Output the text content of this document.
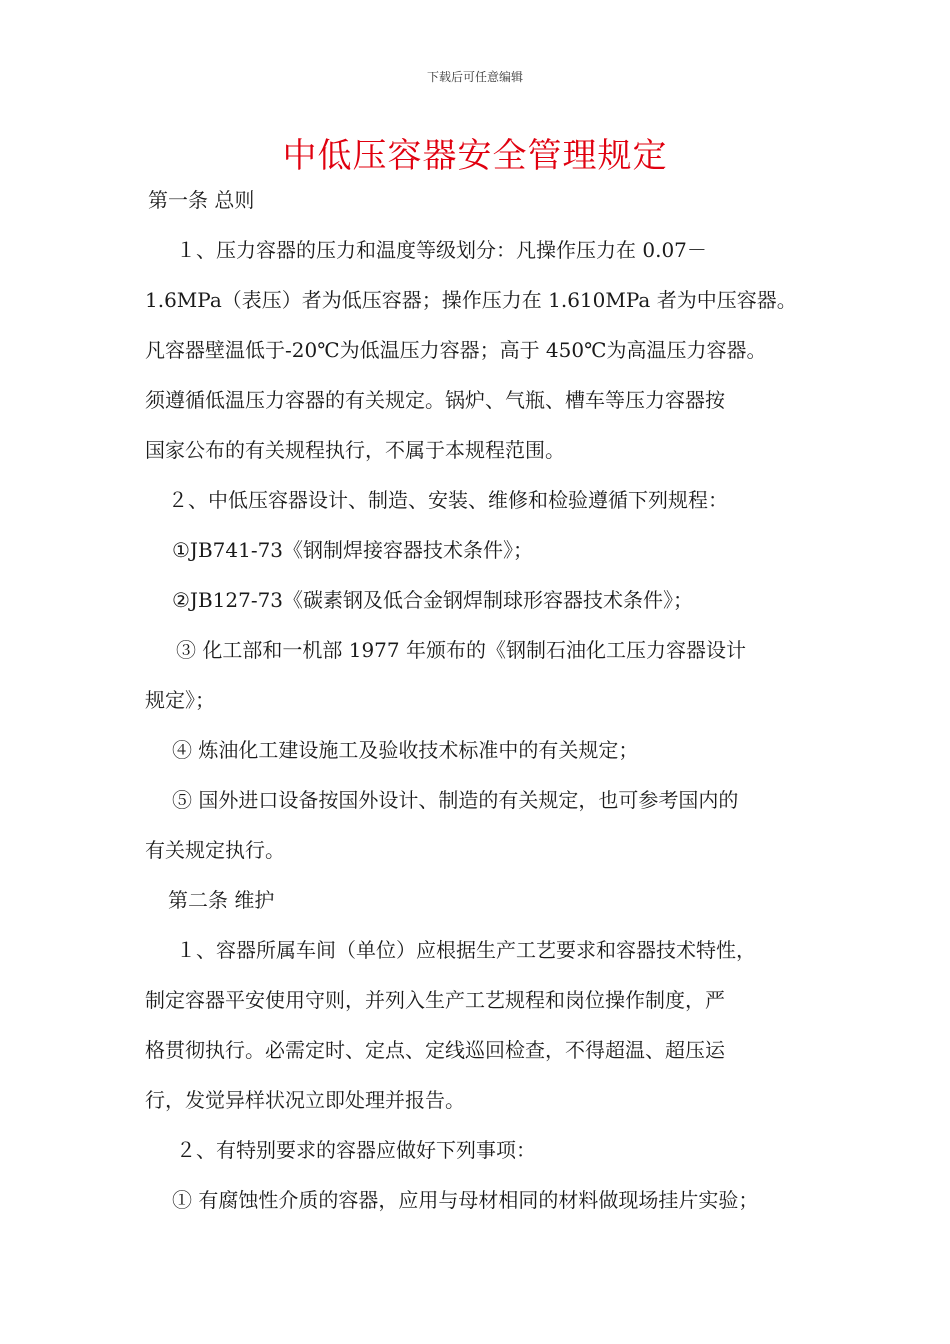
下载后可任意编辑
中低压容器安全管理规定
第一条 总则
１、压力容器的压力和温度等级划分：凡操作压力在 0.07－
1.6MPa（表压）者为低压容器；操作压力在 1.610MPa 者为中压容器。
凡容器壁温低于-20℃为低温压力容器；高于 450℃为高温压力容器。
须遵循低温压力容器的有关规定。锅炉、气瓶、槽车等压力容器按
国家公布的有关规程执行，不属于本规程范围。
２、中低压容器设计、制造、安装、维修和检验遵循下列规程：
①JB741-73《钢制焊接容器技术条件》；
②JB127-73《碳素钢及低合金钢焊制球形容器技术条件》；
③ 化工部和一机部 1977 年颁布的《钢制石油化工压力容器设计
规定》；
④ 炼油化工建设施工及验收技术标准中的有关规定；
⑤ 国外进口设备按国外设计、制造的有关规定，也可参考国内的
有关规定执行。
第二条 维护
１、容器所属车间（单位）应根据生产工艺要求和容器技术特性，
制定容器平安使用守则，并列入生产工艺规程和岗位操作制度，严
格贯彻执行。必需定时、定点、定线巡回检查，不得超温、超压运
行，发觉异样状况立即处理并报告。
２、有特别要求的容器应做好下列事项：
① 有腐蚀性介质的容器，应用与母材相同的材料做现场挂片实验；
